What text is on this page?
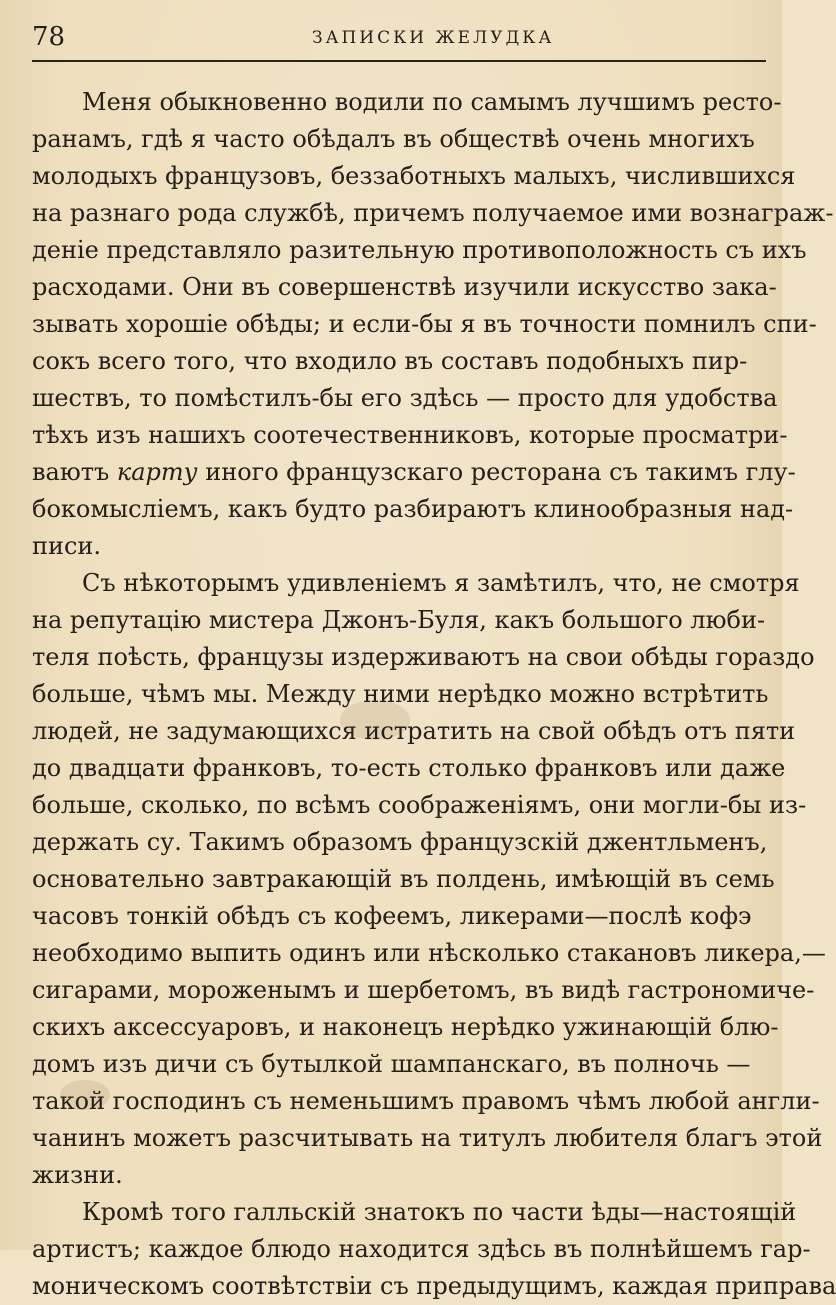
78	ЗАПИСКИ ЖЕЛУДКА
Меня обыкновенно водили по самымъ лучшимъ ресто-
ранамъ, гдѣ я часто обѣдалъ въ обществѣ очень многихъ
молодыхъ французовъ, беззаботныхъ малыхъ, числившихся
на разнаго рода службѣ, причемъ получаемое ими вознаграж-
деніе представляло разительную противоположность съ ихъ
расходами. Они въ совершенствѣ изучили искусство зака-
зывать хорошіе обѣды; и если-бы я въ точности помнилъ спи-
сокъ всего того, что входило въ составъ подобныхъ пир-
шествъ, то помѣстилъ-бы его здѣсь — просто для удобства
тѣхъ изъ нашихъ соотечественниковъ, которые просматри-
ваютъ карту иного французскаго ресторана съ такимъ глу-
бокомысліемъ, какъ будто разбираютъ клинообразныя над-
писи.
Съ нѣкоторымъ удивленіемъ я замѣтилъ, что, не смотря
на репутацію мистера Джонъ-Буля, какъ большого люби-
теля поѣсть, французы издерживаютъ на свои обѣды гораздо
больше, чѣмъ мы. Между ними нерѣдко можно встрѣтить
людей, не задумающихся истратить на свой обѣдъ отъ пяти
до двадцати франковъ, то-есть столько франковъ или даже
больше, сколько, по всѣмъ соображеніямъ, они могли-бы из-
держать су. Такимъ образомъ французскій джентльменъ,
основательно завтракающій въ полдень, имѣющій въ семь
часовъ тонкій обѣдъ съ кофеемъ, ликерами—послѣ кофэ
необходимо выпить одинъ или нѣсколько стакановъ ликера,—
сигарами, мороженымъ и шербетомъ, въ видѣ гастрономиче-
скихъ аксессуаровъ, и наконецъ нерѣдко ужинающій блю-
домъ изъ дичи съ бутылкой шампанскаго, въ полночь —
такой господинъ съ неменьшимъ правомъ чѣмъ любой англи-
чанинъ можетъ разсчитывать на титулъ любителя благъ этой
жизни.
Кромѣ того галльскій знатокъ по части ѣды—настоящій
артистъ; каждое блюдо находится здѣсь въ полнѣйшемъ гар-
моническомъ соотвѣтствіи съ предыдущимъ, каждая приправа
